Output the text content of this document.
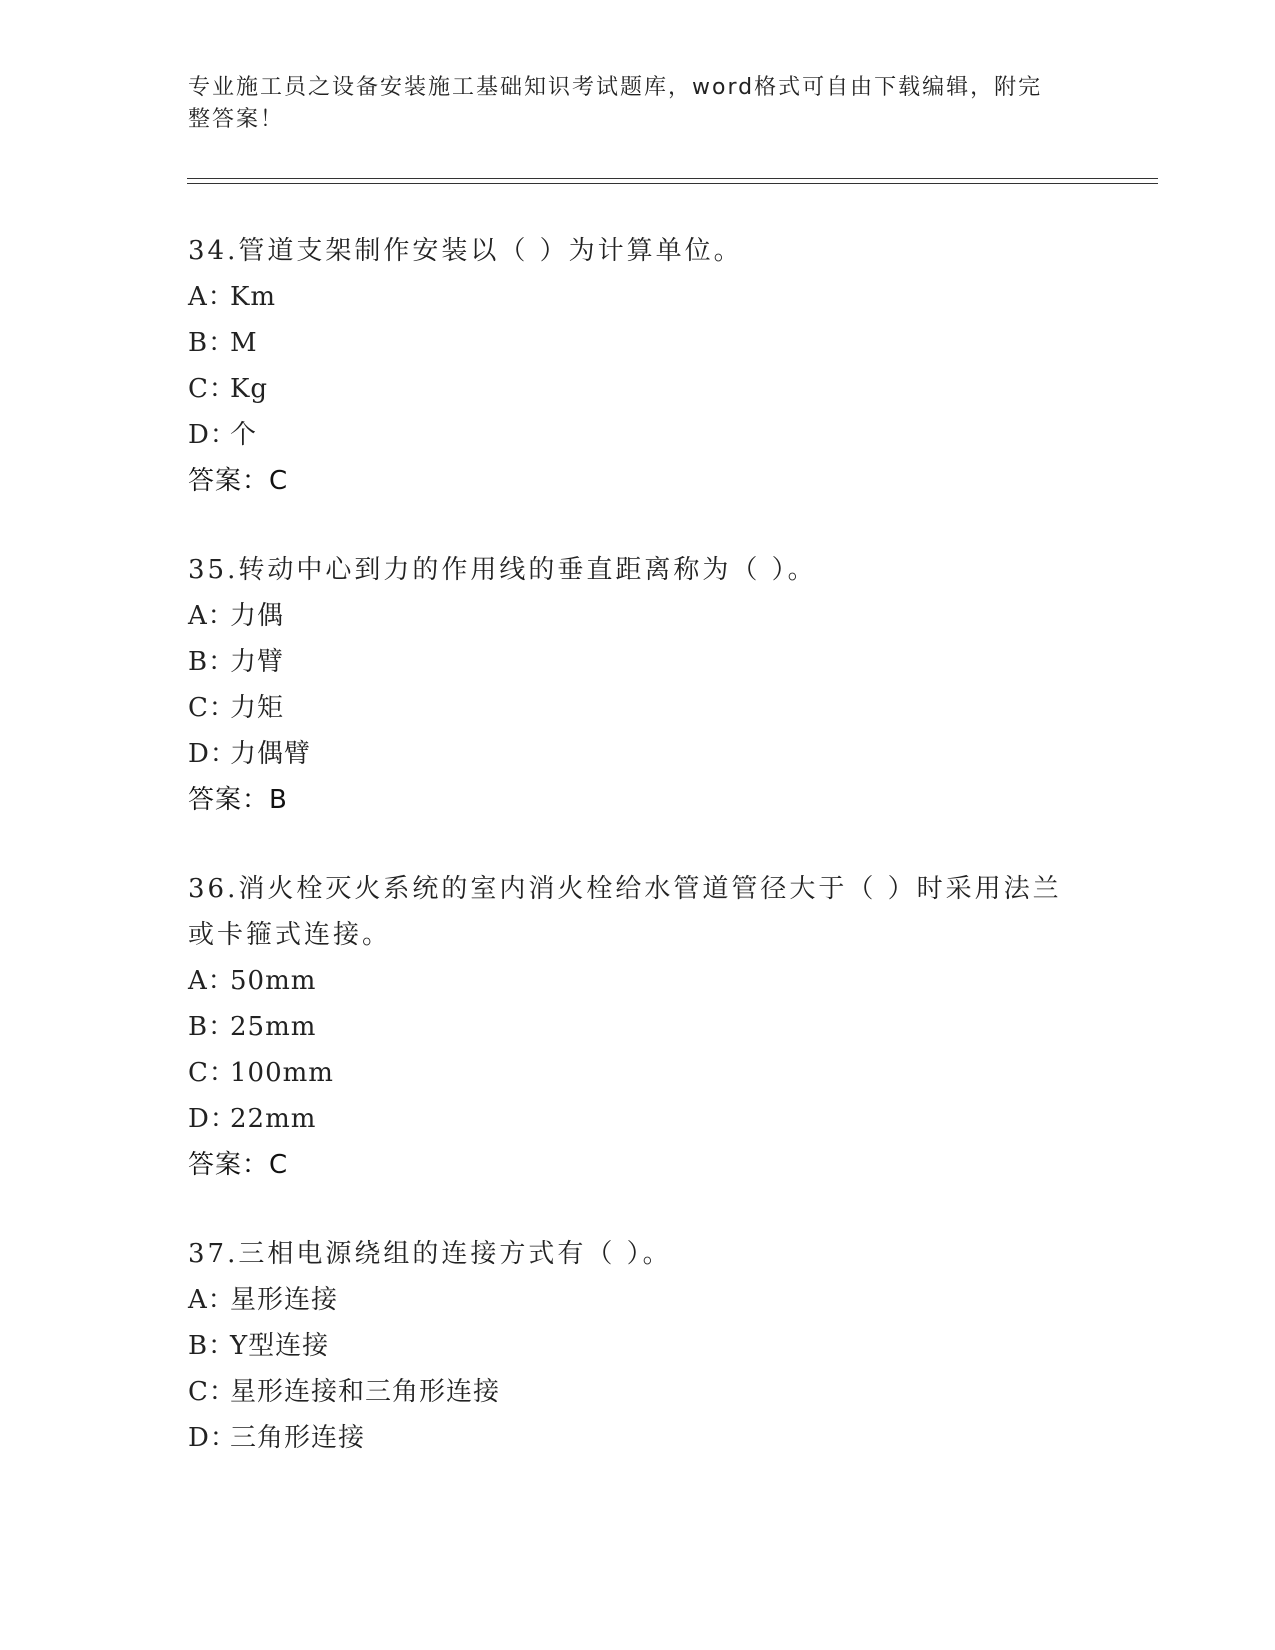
专业施工员之设备安装施工基础知识考试题库，word格式可自由下载编辑，附完
整答案！

34.管道支架制作安装以（ ）为计算单位。

A：Km

B：M

C：Kg

D：个

答案：C

35.转动中心到力的作用线的垂直距离称为（ ）。

A：力偶

B：力臂

C：力矩

D：力偶臂

答案：B

36.消火栓灭火系统的室内消火栓给水管道管径大于（ ）时采用法兰

或卡箍式连接。

A：50mm

B：25mm

C：100mm

D：22mm

答案：C

37.三相电源绕组的连接方式有（ ）。

A：星形连接

B：Y型连接

C：星形连接和三角形连接

D：三角形连接
